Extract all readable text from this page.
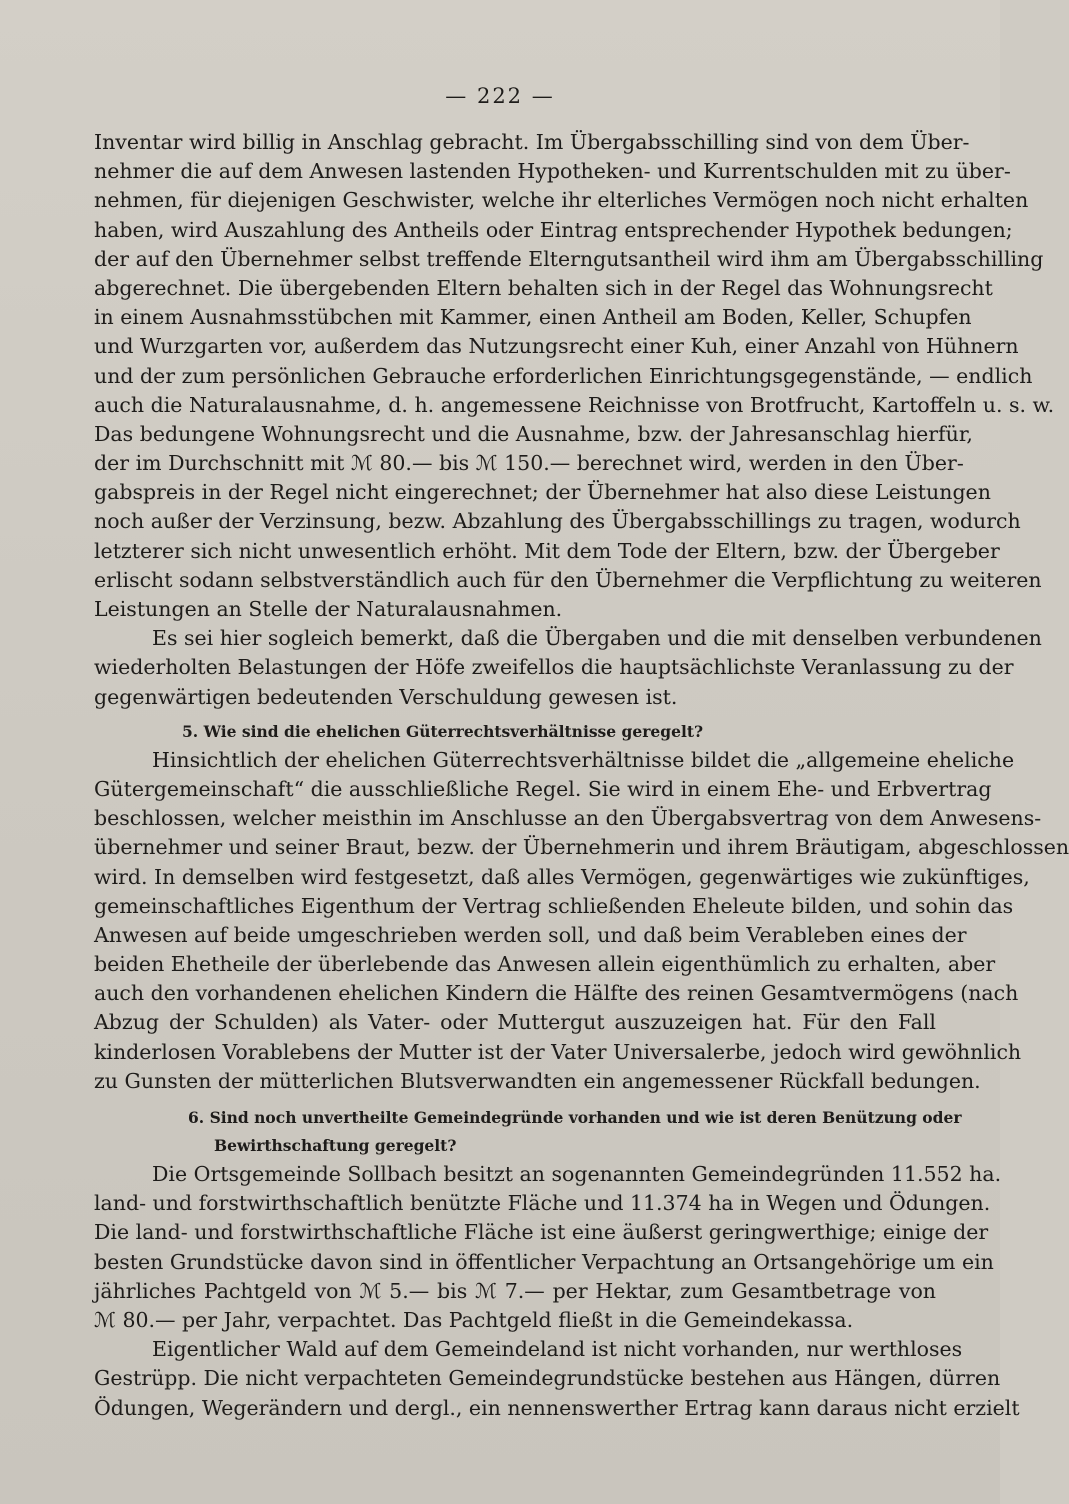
— 222 —
Inventar wird billig in Anschlag gebracht. Im Übergabsschilling sind von dem Über-
nehmer die auf dem Anwesen lastenden Hypotheken- und Kurrentschulden mit zu über-
nehmen, für diejenigen Geschwister, welche ihr elterliches Vermögen noch nicht erhalten
haben, wird Auszahlung des Antheils oder Eintrag entsprechender Hypothek bedungen;
der auf den Übernehmer selbst treffende Elterngutsantheil wird ihm am Übergabsschilling
abgerechnet. Die übergebenden Eltern behalten sich in der Regel das Wohnungsrecht
in einem Ausnahmsstübchen mit Kammer, einen Antheil am Boden, Keller, Schupfen
und Wurzgarten vor, außerdem das Nutzungsrecht einer Kuh, einer Anzahl von Hühnern
und der zum persönlichen Gebrauche erforderlichen Einrichtungsgegenstände, — endlich
auch die Naturalausnahme, d. h. angemessene Reichnisse von Brotfrucht, Kartoffeln u. s. w.
Das bedungene Wohnungsrecht und die Ausnahme, bzw. der Jahresanschlag hierfür,
der im Durchschnitt mit ℳ 80.— bis ℳ 150.— berechnet wird, werden in den Über-
gabspreis in der Regel nicht eingerechnet; der Übernehmer hat also diese Leistungen
noch außer der Verzinsung, bezw. Abzahlung des Übergabsschillings zu tragen, wodurch
letzterer sich nicht unwesentlich erhöht. Mit dem Tode der Eltern, bzw. der Übergeber
erlischt sodann selbstverständlich auch für den Übernehmer die Verpflichtung zu weiteren
Leistungen an Stelle der Naturalausnahmen.
Es sei hier sogleich bemerkt, daß die Übergaben und die mit denselben verbundenen
wiederholten Belastungen der Höfe zweifellos die hauptsächlichste Veranlassung zu der
gegenwärtigen bedeutenden Verschuldung gewesen ist.
5. Wie sind die ehelichen Güterrechtsverhältnisse geregelt?
Hinsichtlich der ehelichen Güterrechtsverhältnisse bildet die „allgemeine eheliche
Gütergemeinschaft“ die ausschließliche Regel. Sie wird in einem Ehe- und Erbvertrag
beschlossen, welcher meisthin im Anschlusse an den Übergabsvertrag von dem Anwesens-
übernehmer und seiner Braut, bezw. der Übernehmerin und ihrem Bräutigam, abgeschlossen
wird. In demselben wird festgesetzt, daß alles Vermögen, gegenwärtiges wie zukünftiges,
gemeinschaftliches Eigenthum der Vertrag schließenden Eheleute bilden, und sohin das
Anwesen auf beide umgeschrieben werden soll, und daß beim Verableben eines der
beiden Ehetheile der überlebende das Anwesen allein eigenthümlich zu erhalten, aber
auch den vorhandenen ehelichen Kindern die Hälfte des reinen Gesamtvermögens (nach
Abzug der Schulden) als Vater- oder Muttergut auszuzeigen hat. Für den Fall
kinderlosen Vorablebens der Mutter ist der Vater Universalerbe, jedoch wird gewöhnlich
zu Gunsten der mütterlichen Blutsverwandten ein angemessener Rückfall bedungen.
6. Sind noch unvertheilte Gemeindegründe vorhanden und wie ist deren Benützung oder
Bewirthschaftung geregelt?
Die Ortsgemeinde Sollbach besitzt an sogenannten Gemeindegründen 11.552 ha.
land- und forstwirthschaftlich benützte Fläche und 11.374 ha in Wegen und Ödungen.
Die land- und forstwirthschaftliche Fläche ist eine äußerst geringwerthige; einige der
besten Grundstücke davon sind in öffentlicher Verpachtung an Ortsangehörige um ein
jährliches Pachtgeld von ℳ 5.— bis ℳ 7.— per Hektar, zum Gesamtbetrage von
ℳ 80.— per Jahr, verpachtet. Das Pachtgeld fließt in die Gemeindekassa.
Eigentlicher Wald auf dem Gemeindeland ist nicht vorhanden, nur werthloses
Gestrüpp. Die nicht verpachteten Gemeindegrundstücke bestehen aus Hängen, dürren
Ödungen, Wegerändern und dergl., ein nennenswerther Ertrag kann daraus nicht erzielt
